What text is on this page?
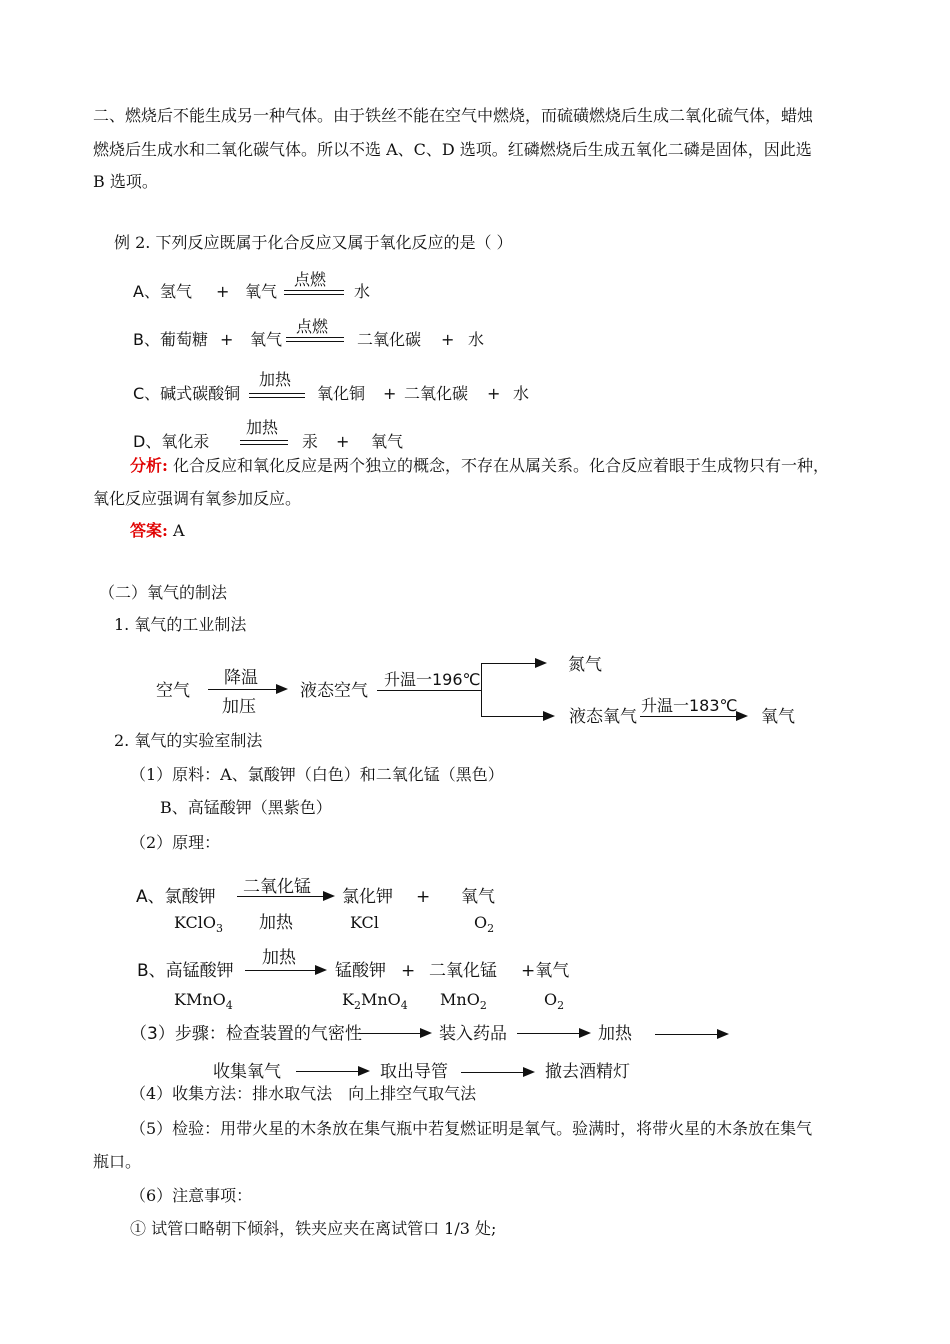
二、燃烧后不能生成另一种气体。由于铁丝不能在空气中燃烧，而硫磺燃烧后生成二氧化硫气体，蜡烛
燃烧后生成水和二氧化碳气体。所以不选 A、C、D 选项。红磷燃烧后生成五氧化二磷是固体，因此选
B 选项。
例 2. 下列反应既属于化合反应又属于氧化反应的是（ ）
A、氢气 + 氧气
点燃
水
B、葡萄糖 + 氧气
点燃
二氧化碳 + 水
C、碱式碳酸铜
加热
氧化铜 + 二氧化碳 + 水
D、氧化汞
加热
汞 + 氧气
分析: 化合反应和氧化反应是两个独立的概念，不存在从属关系。化合反应着眼于生成物只有一种，
氧化反应强调有氧参加反应。
答案: A
（二）氧气的制法
1. 氧气的工业制法
空气
降温
加压
液态空气
升温一196℃
氮气
液态氧气
升温一183℃
氧气
2. 氧气的实验室制法
（1）原料：A、氯酸钾（白色）和二氧化锰（黑色）
B、高锰酸钾（黑紫色）
（2）原理：
A、氯酸钾 二氧化锰
加热
氯化钾 + 氧气
KClO$_3$	KCl	$O_2$
B、高锰酸钾
加热
锰酸钾 + 二氧化锰 +氧气
KMnO$_4$	$K_2MnO_4$ MnO$_2$	$O_2$
（3）步骤：检查装置的气密性	装入药品	加热
收集氧气	取出导管	撤去酒精灯
（4）收集方法：排水取气法　向上排空气取气法
（5）检验：用带火星的木条放在集气瓶中若复燃证明是氧气。验满时，将带火星的木条放在集气
瓶口。
（6）注意事项：
① 试管口略朝下倾斜，铁夹应夹在离试管口 1/3 处;
